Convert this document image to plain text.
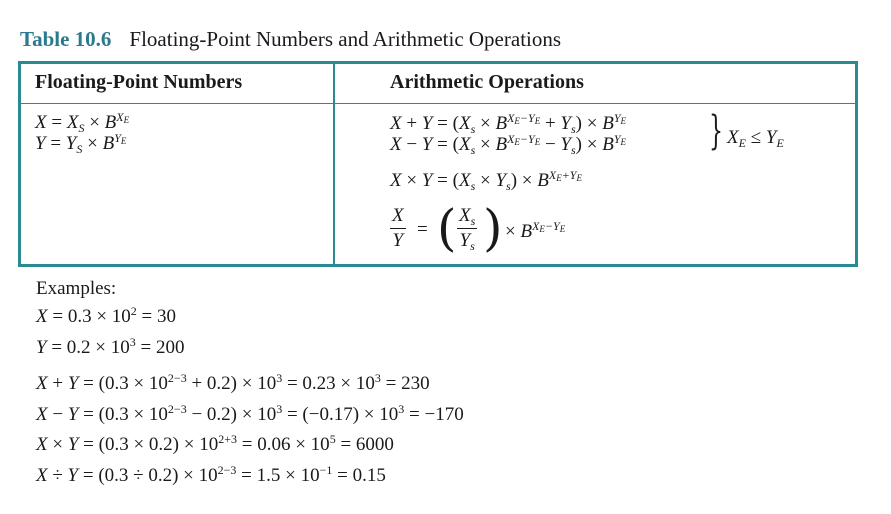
Table 10.6 Floating-Point Numbers and Arithmetic Operations
Floating-Point Numbers	Arithmetic Operations
$X = X_S \times B^{X_E}$
$Y = Y_S \times B^{Y_E}$
$X + Y = (X_s \times B^{X_E-Y_E} + Y_s) \times B^{Y_E}$
$X - Y = (X_s \times B^{X_E-Y_E} - Y_s) \times B^{Y_E}$ } $X_E \le Y_E$
$X \times Y = (X_s \times Y_s) \times B^{X_E+Y_E}$
X
Y
= ( $X_s$
$Y_s$ ) × $B^{X_E-Y_E}$
Examples:
$X = 0.3 \times 10^2 = 30$
$Y = 0.2 \times 10^3 = 200$
$X + Y = (0.3 \times 10^{2-3} + 0.2) \times 10^3 = 0.23 \times 10^3 = 230$
$X - Y = (0.3 \times 10^{2-3} - 0.2) \times 10^3 = (-0.17) \times 10^3 = -170$
$X \times Y = (0.3 \times 0.2) \times 10^{2+3} = 0.06 \times 10^5 = 6000$
$X \div Y = (0.3 \div 0.2) \times 10^{2-3} = 1.5 \times 10^{-1} = 0.15$
